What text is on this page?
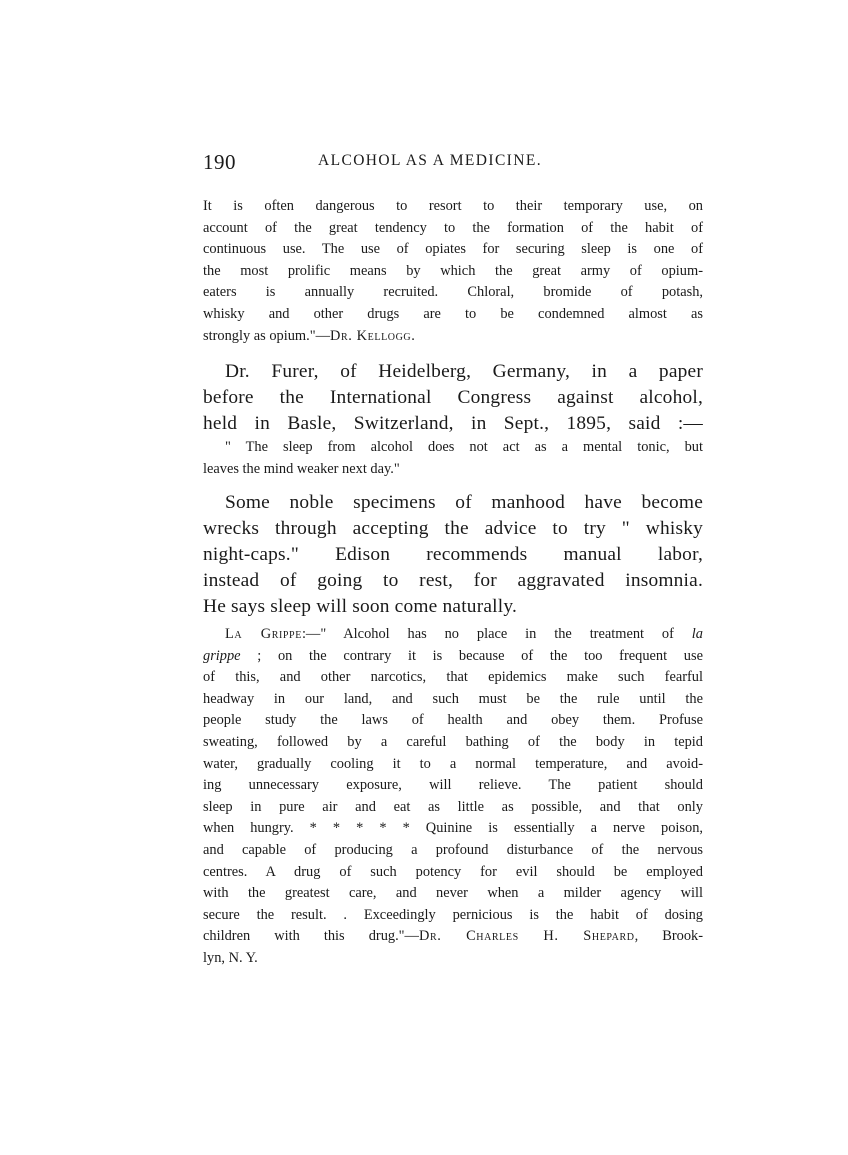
190	ALCOHOL AS A MEDICINE.
It is often dangerous to resort to their temporary use, on
account of the great tendency to the formation of the habit of
continuous use. The use of opiates for securing sleep is one of
the most prolific means by which the great army of opium-
eaters is annually recruited. Chloral, bromide of potash,
whisky and other drugs are to be condemned almost as
strongly as opium."—Dr. Kellogg.
Dr. Furer, of Heidelberg, Germany, in a paper
before the International Congress against alcohol,
held in Basle, Switzerland, in Sept., 1895, said :—
" The sleep from alcohol does not act as a mental tonic, but
leaves the mind weaker next day."
Some noble specimens of manhood have become
wrecks through accepting the advice to try " whisky
night-caps." Edison recommends manual labor,
instead of going to rest, for aggravated insomnia.
He says sleep will soon come naturally.
La Grippe:—" Alcohol has no place in the treatment of la
grippe ; on the contrary it is because of the too frequent use
of this, and other narcotics, that epidemics make such fearful
headway in our land, and such must be the rule until the
people study the laws of health and obey them. Profuse
sweating, followed by a careful bathing of the body in tepid
water, gradually cooling it to a normal temperature, and avoid-
ing unnecessary exposure, will relieve. The patient should
sleep in pure air and eat as little as possible, and that only
when hungry. * * * * * Quinine is essentially a nerve poison,
and capable of producing a profound disturbance of the nervous
centres. A drug of such potency for evil should be employed
with the greatest care, and never when a milder agency will
secure the result. . Exceedingly pernicious is the habit of dosing
children with this drug."—Dr. Charles H. Shepard, Brook-
lyn, N. Y.
